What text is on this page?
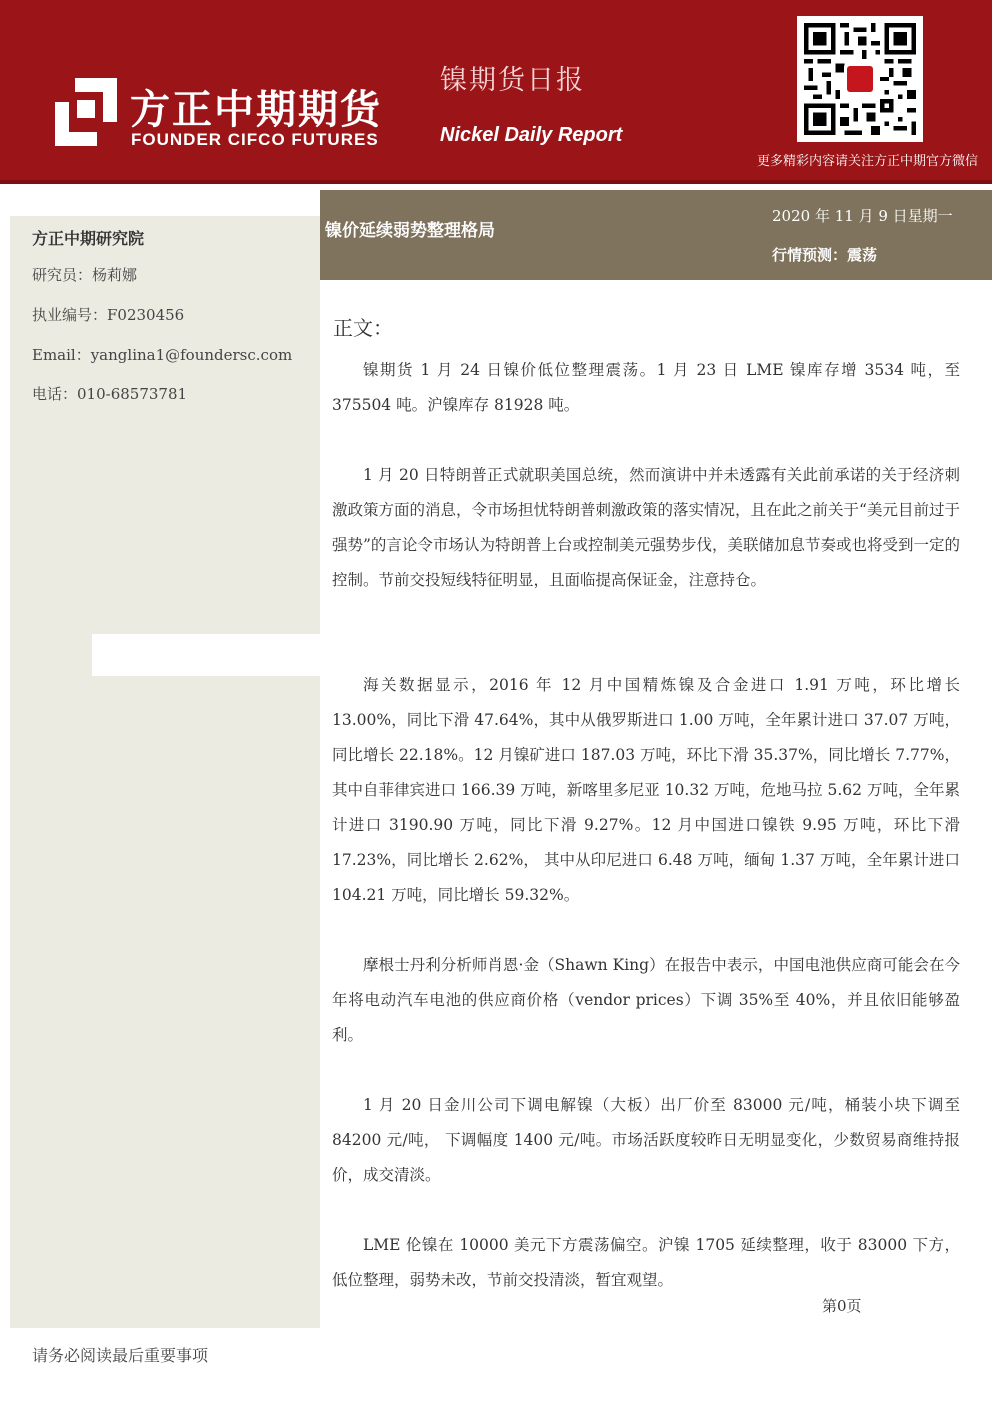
方正中期期货
FOUNDER CIFCO FUTURES
镍期货日报
Nickel Daily Report
更多精彩内容请关注方正中期官方微信
方正中期研究院
研究员：杨莉娜
执业编号：F0230456
Email：yanglina1@foundersc.com
电话：010-68573781
镍价延续弱势整理格局
2020 年 11 月 9 日星期一
行情预测：震荡
正文：

镍期货 1 月 24 日镍价低位整理震荡。1 月 23 日 LME 镍库存增 3534 吨，至 375504 吨。沪镍库存 81928 吨。

1 月 20 日特朗普正式就职美国总统，然而演讲中并未透露有关此前承诺的关于经济刺激政策方面的消息，令市场担忧特朗普刺激政策的落实情况，且在此之前关于“美元目前过于强势”的言论令市场认为特朗普上台或控制美元强势步伐，美联储加息节奏或也将受到一定的控制。节前交投短线特征明显，且面临提高保证金，注意持仓。

海关数据显示，2016 年 12 月中国精炼镍及合金进口 1.91 万吨，环比增长 13.00%，同比下滑 47.64%，其中从俄罗斯进口 1.00 万吨，全年累计进口 37.07 万吨，同比增长 22.18%。12 月镍矿进口 187.03 万吨，环比下滑 35.37%，同比增长 7.77%，其中自菲律宾进口 166.39 万吨，新喀里多尼亚 10.32 万吨，危地马拉 5.62 万吨，全年累计进口 3190.90 万吨，同比下滑 9.27%。12 月中国进口镍铁 9.95 万吨，环比下滑 17.23%，同比增长 2.62%， 其中从印尼进口 6.48 万吨，缅甸 1.37 万吨，全年累计进口 104.21 万吨，同比增长 59.32%。

摩根士丹利分析师肖恩·金（Shawn King）在报告中表示，中国电池供应商可能会在今年将电动汽车电池的供应商价格（vendor prices）下调 35%至 40%，并且依旧能够盈利。

1 月 20 日金川公司下调电解镍（大板）出厂价至 83000 元/吨，桶装小块下调至 84200 元/吨， 下调幅度 1400 元/吨。市场活跃度较昨日无明显变化，少数贸易商维持报价，成交清淡。

LME 伦镍在 10000 美元下方震荡偏空。沪镍 1705 延续整理，收于 83000 下方，低位整理，弱势未改，节前交投清淡，暂宜观望。

第0页
请务必阅读最后重要事项
